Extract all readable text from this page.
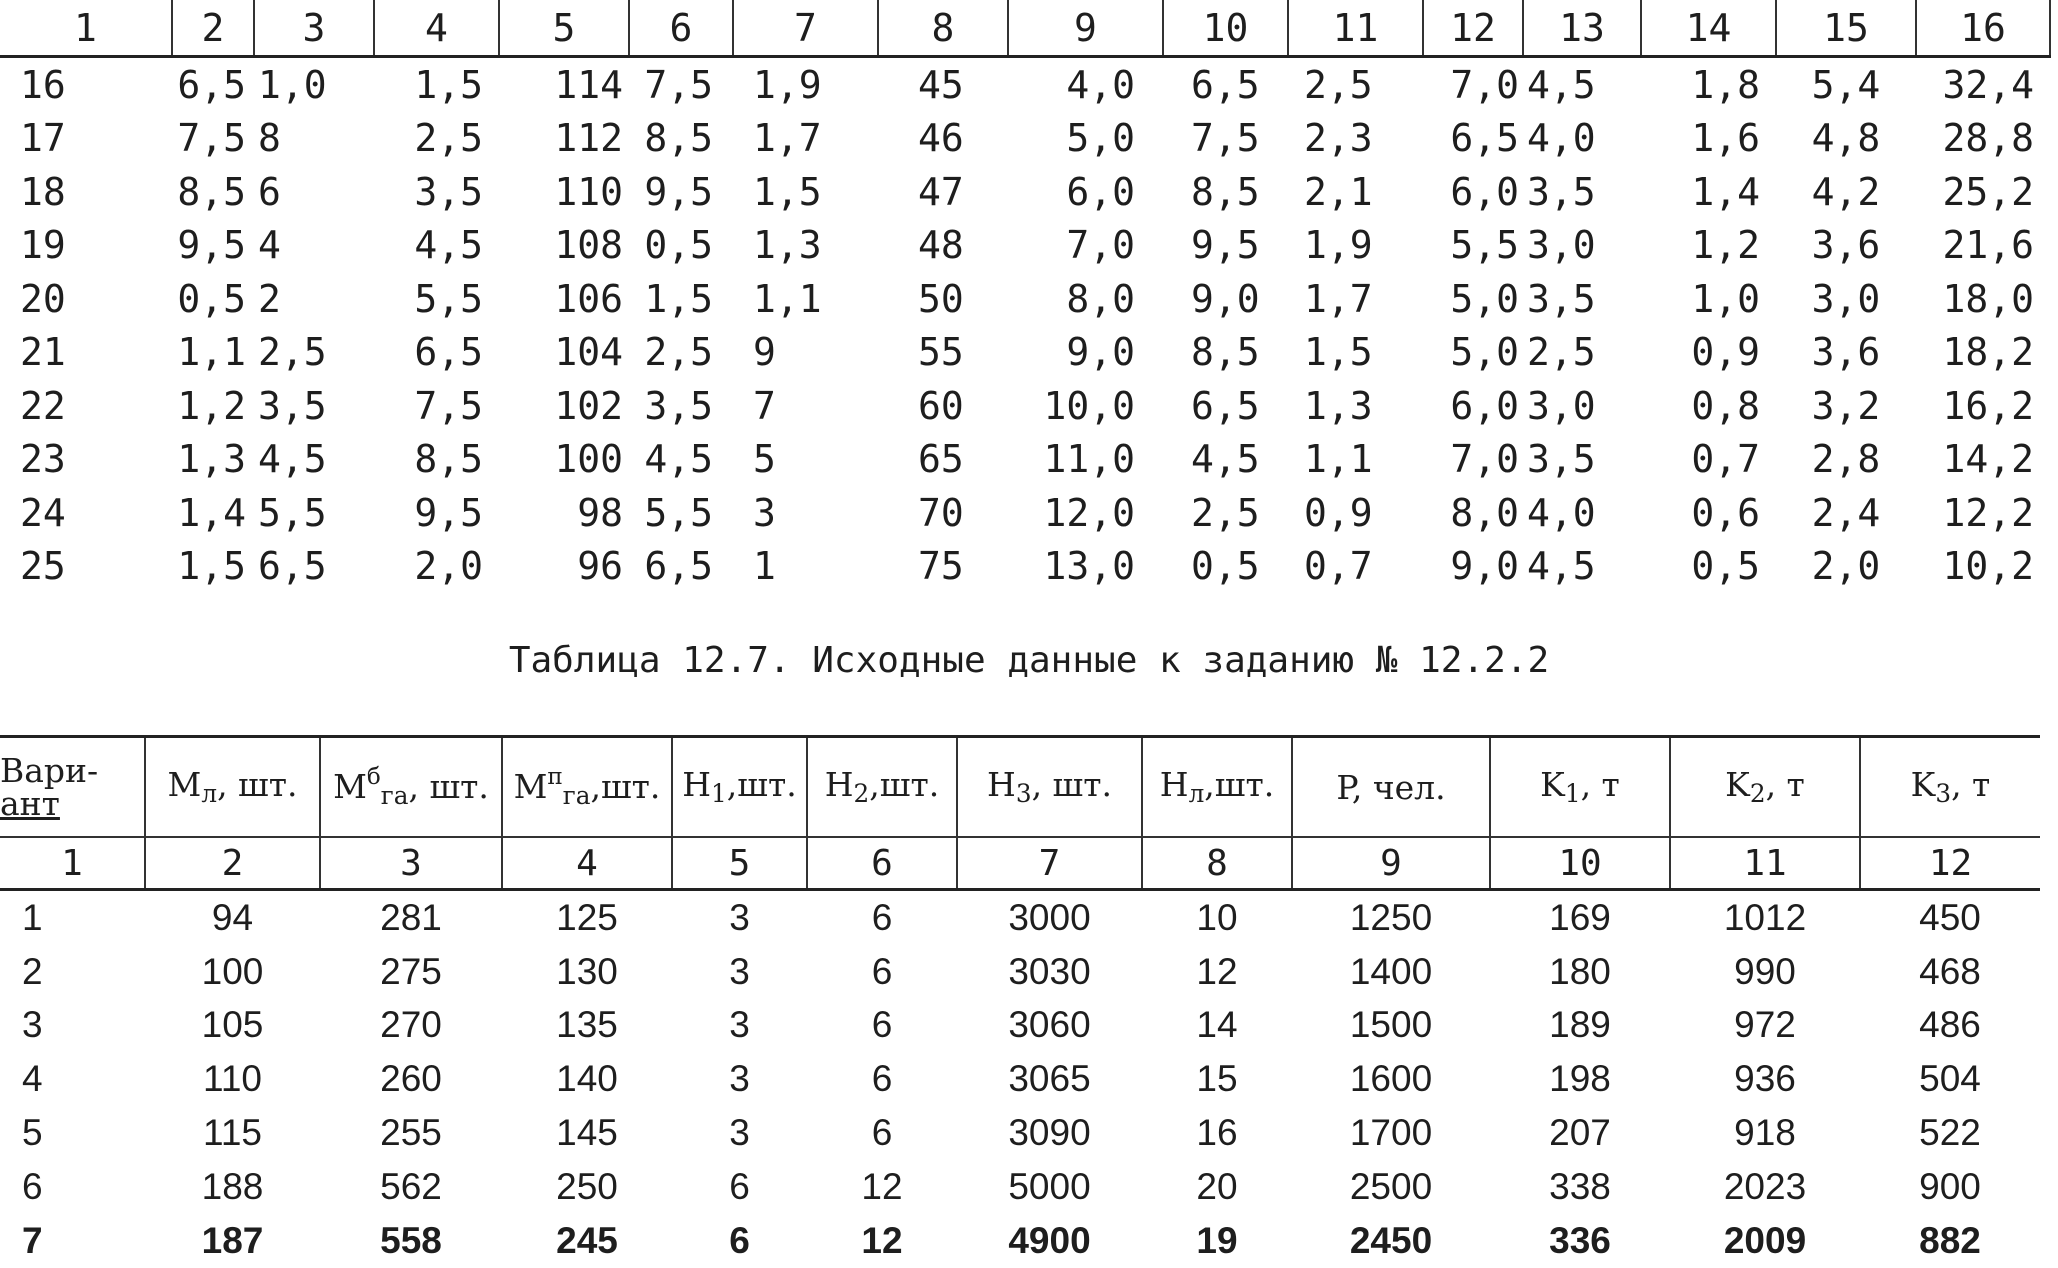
1	2	3	4	5	6	7	8	9	10	11	12	13	14	15	16
16	6,5	1,0	1,5	114	7,5	1,9	45	4,0	6,5	2,5	7,0	4,5	1,8	5,4	32,4
17	7,5	8	2,5	112	8,5	1,7	46	5,0	7,5	2,3	6,5	4,0	1,6	4,8	28,8
18	8,5	6	3,5	110	9,5	1,5	47	6,0	8,5	2,1	6,0	3,5	1,4	4,2	25,2
19	9,5	4	4,5	108	0,5	1,3	48	7,0	9,5	1,9	5,5	3,0	1,2	3,6	21,6
20	0,5	2	5,5	106	1,5	1,1	50	8,0	9,0	1,7	5,0	3,5	1,0	3,0	18,0
21	1,1	2,5	6,5	104	2,5	9	55	9,0	8,5	1,5	5,0	2,5	0,9	3,6	18,2
22	1,2	3,5	7,5	102	3,5	7	60	10,0	6,5	1,3	6,0	3,0	0,8	3,2	16,2
23	1,3	4,5	8,5	100	4,5	5	65	11,0	4,5	1,1	7,0	3,5	0,7	2,8	14,2
24	1,4	5,5	9,5	98	5,5	3	70	12,0	2,5	0,9	8,0	4,0	0,6	2,4	12,2
25	1,5	6,5	2,0	96	6,5	1	75	13,0	0,5	0,7	9,0	4,5	0,5	2,0	10,2
Таблица 12.7. Исходные данные к заданию № 12.2.2
Вари-
ант	$M_л$, шт.	$M^б_{га}$, шт.	$M^п_{га},шт$.	$H_1,шт$.	$H_2,шт$.	$H_3$, шт.	$H_л,шт$.	P, чел.	$K_1$, т	$K_2$, т	$K_3$, т
1	2	3	4	5	6	7	8	9	10	11	12
1	94	281	125	3	6	3000	10	1250	169	1012	450
2	100	275	130	3	6	3030	12	1400	180	990	468
3	105	270	135	3	6	3060	14	1500	189	972	486
4	110	260	140	3	6	3065	15	1600	198	936	504
5	115	255	145	3	6	3090	16	1700	207	918	522
6	188	562	250	6	12	5000	20	2500	338	2023	900
7	187	558	245	6	12	4900	19	2450	336	2009	882
